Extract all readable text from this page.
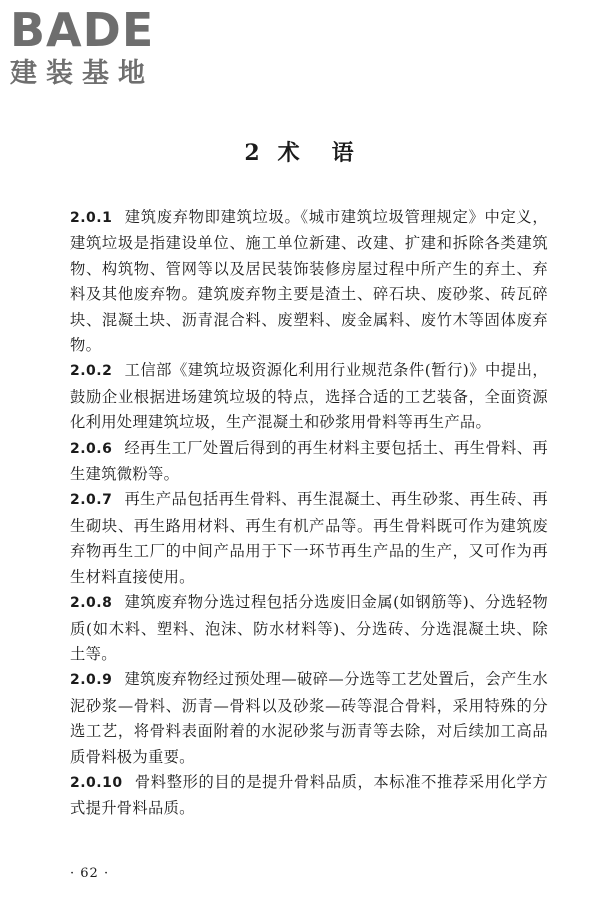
BADE
建装基地
2 术 语

2.0.1 建筑废弃物即建筑垃圾。《城市建筑垃圾管理规定》中定义，建筑垃圾是指建设单位、施工单位新建、改建、扩建和拆除各类建筑物、构筑物、管网等以及居民装饰装修房屋过程中所产生的弃土、弃料及其他废弃物。建筑废弃物主要是渣土、碎石块、废砂浆、砖瓦碎块、混凝土块、沥青混合料、废塑料、废金属料、废竹木等固体废弃物。

2.0.2 工信部《建筑垃圾资源化利用行业规范条件(暂行)》中提出，鼓励企业根据进场建筑垃圾的特点，选择合适的工艺装备，全面资源化利用处理建筑垃圾，生产混凝土和砂浆用骨料等再生产品。

2.0.6 经再生工厂处置后得到的再生材料主要包括土、再生骨料、再生建筑微粉等。

2.0.7 再生产品包括再生骨料、再生混凝土、再生砂浆、再生砖、再生砌块、再生路用材料、再生有机产品等。再生骨料既可作为建筑废弃物再生工厂的中间产品用于下一环节再生产品的生产，又可作为再生材料直接使用。

2.0.8 建筑废弃物分选过程包括分选废旧金属(如钢筋等)、分选轻物质(如木料、塑料、泡沫、防水材料等)、分选砖、分选混凝土块、除土等。

2.0.9 建筑废弃物经过预处理—破碎—分选等工艺处置后，会产生水泥砂浆—骨料、沥青—骨料以及砂浆—砖等混合骨料，采用特殊的分选工艺，将骨料表面附着的水泥砂浆与沥青等去除，对后续加工高品质骨料极为重要。

2.0.10 骨料整形的目的是提升骨料品质，本标准不推荐采用化学方式提升骨料品质。

· 62 ·
